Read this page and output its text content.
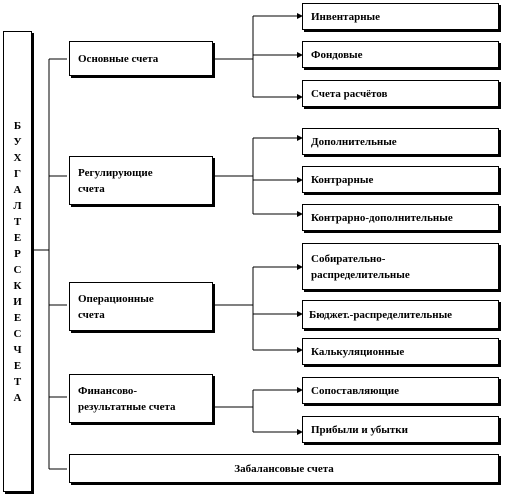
БУХГАЛТЕРСКИЕ СЧЕТА
Основные счета
Регулирующие счета
Операционные счета
Финансово-результатные счета
Забалансовые счета
Инвентарные
Фондовые
Счета расчётов
Дополнительные
Контрарные
Контрарно-дополнительные
Собирательно-распределительные
Бюджет.-распределительные
Калькуляционные
Сопоставляющие
Прибыли и убытки
